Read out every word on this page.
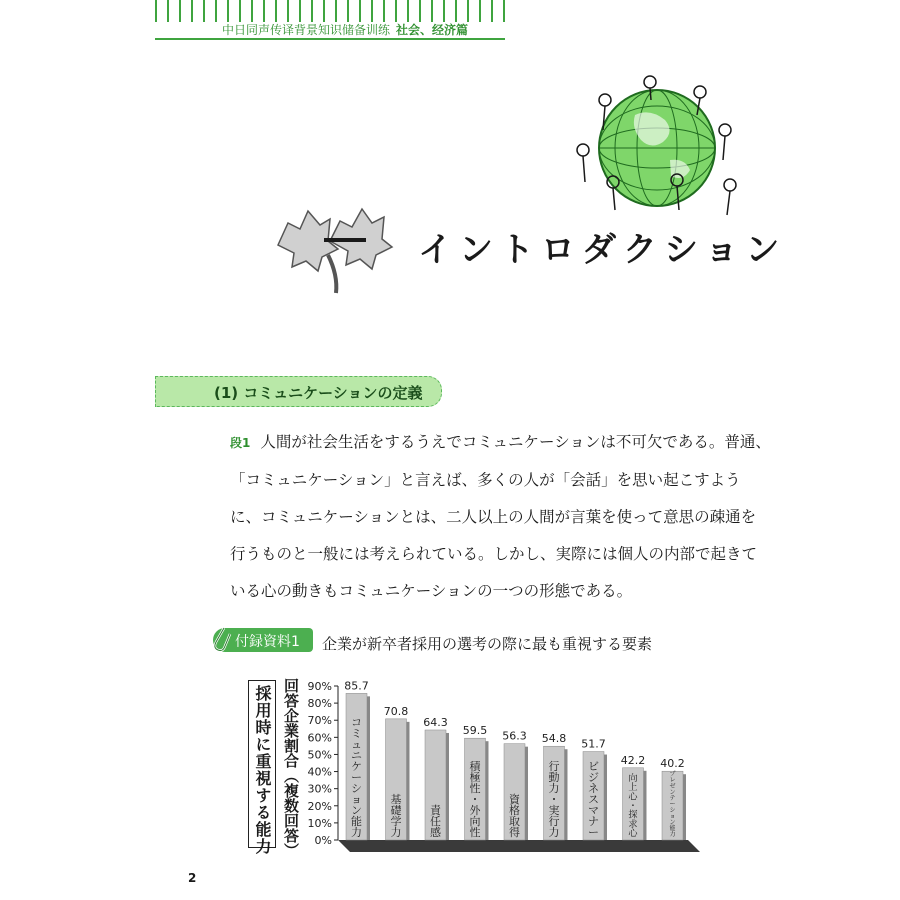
中日同声传译背景知识储备训练 社会、经济篇
イントロダクション
(1) コミュニケーションの定義
段1 人間が社会生活をするうえでコミュニケーションは不可欠である。普通、
「コミュニケーション」と言えば、多くの人が「会話」を思い起こすよう
に、コミュニケーションとは、二人以上の人間が言葉を使って意思の疎通を
行うものと一般には考えられている。しかし、実際には個人の内部で起きて
いる心の動きもコミュニケーションの一つの形態である。
付録資料1 企業が新卒者採用の選考の際に最も重視する要素
採用時に重視する能力 回答企業割合（複数回答） 0%
10%
20%
30%
40%
50%
60%
70%
80%
90% 85.7
コミュニケーション能力
70.8
基礎学力
64.3
責任感
59.5
積極性・外向性
56.3
資格取得
54.8
行動力・実行力
51.7
ビジネスマナー
42.2
向上心・探求心
40.2
プレゼンテーション能力
2
